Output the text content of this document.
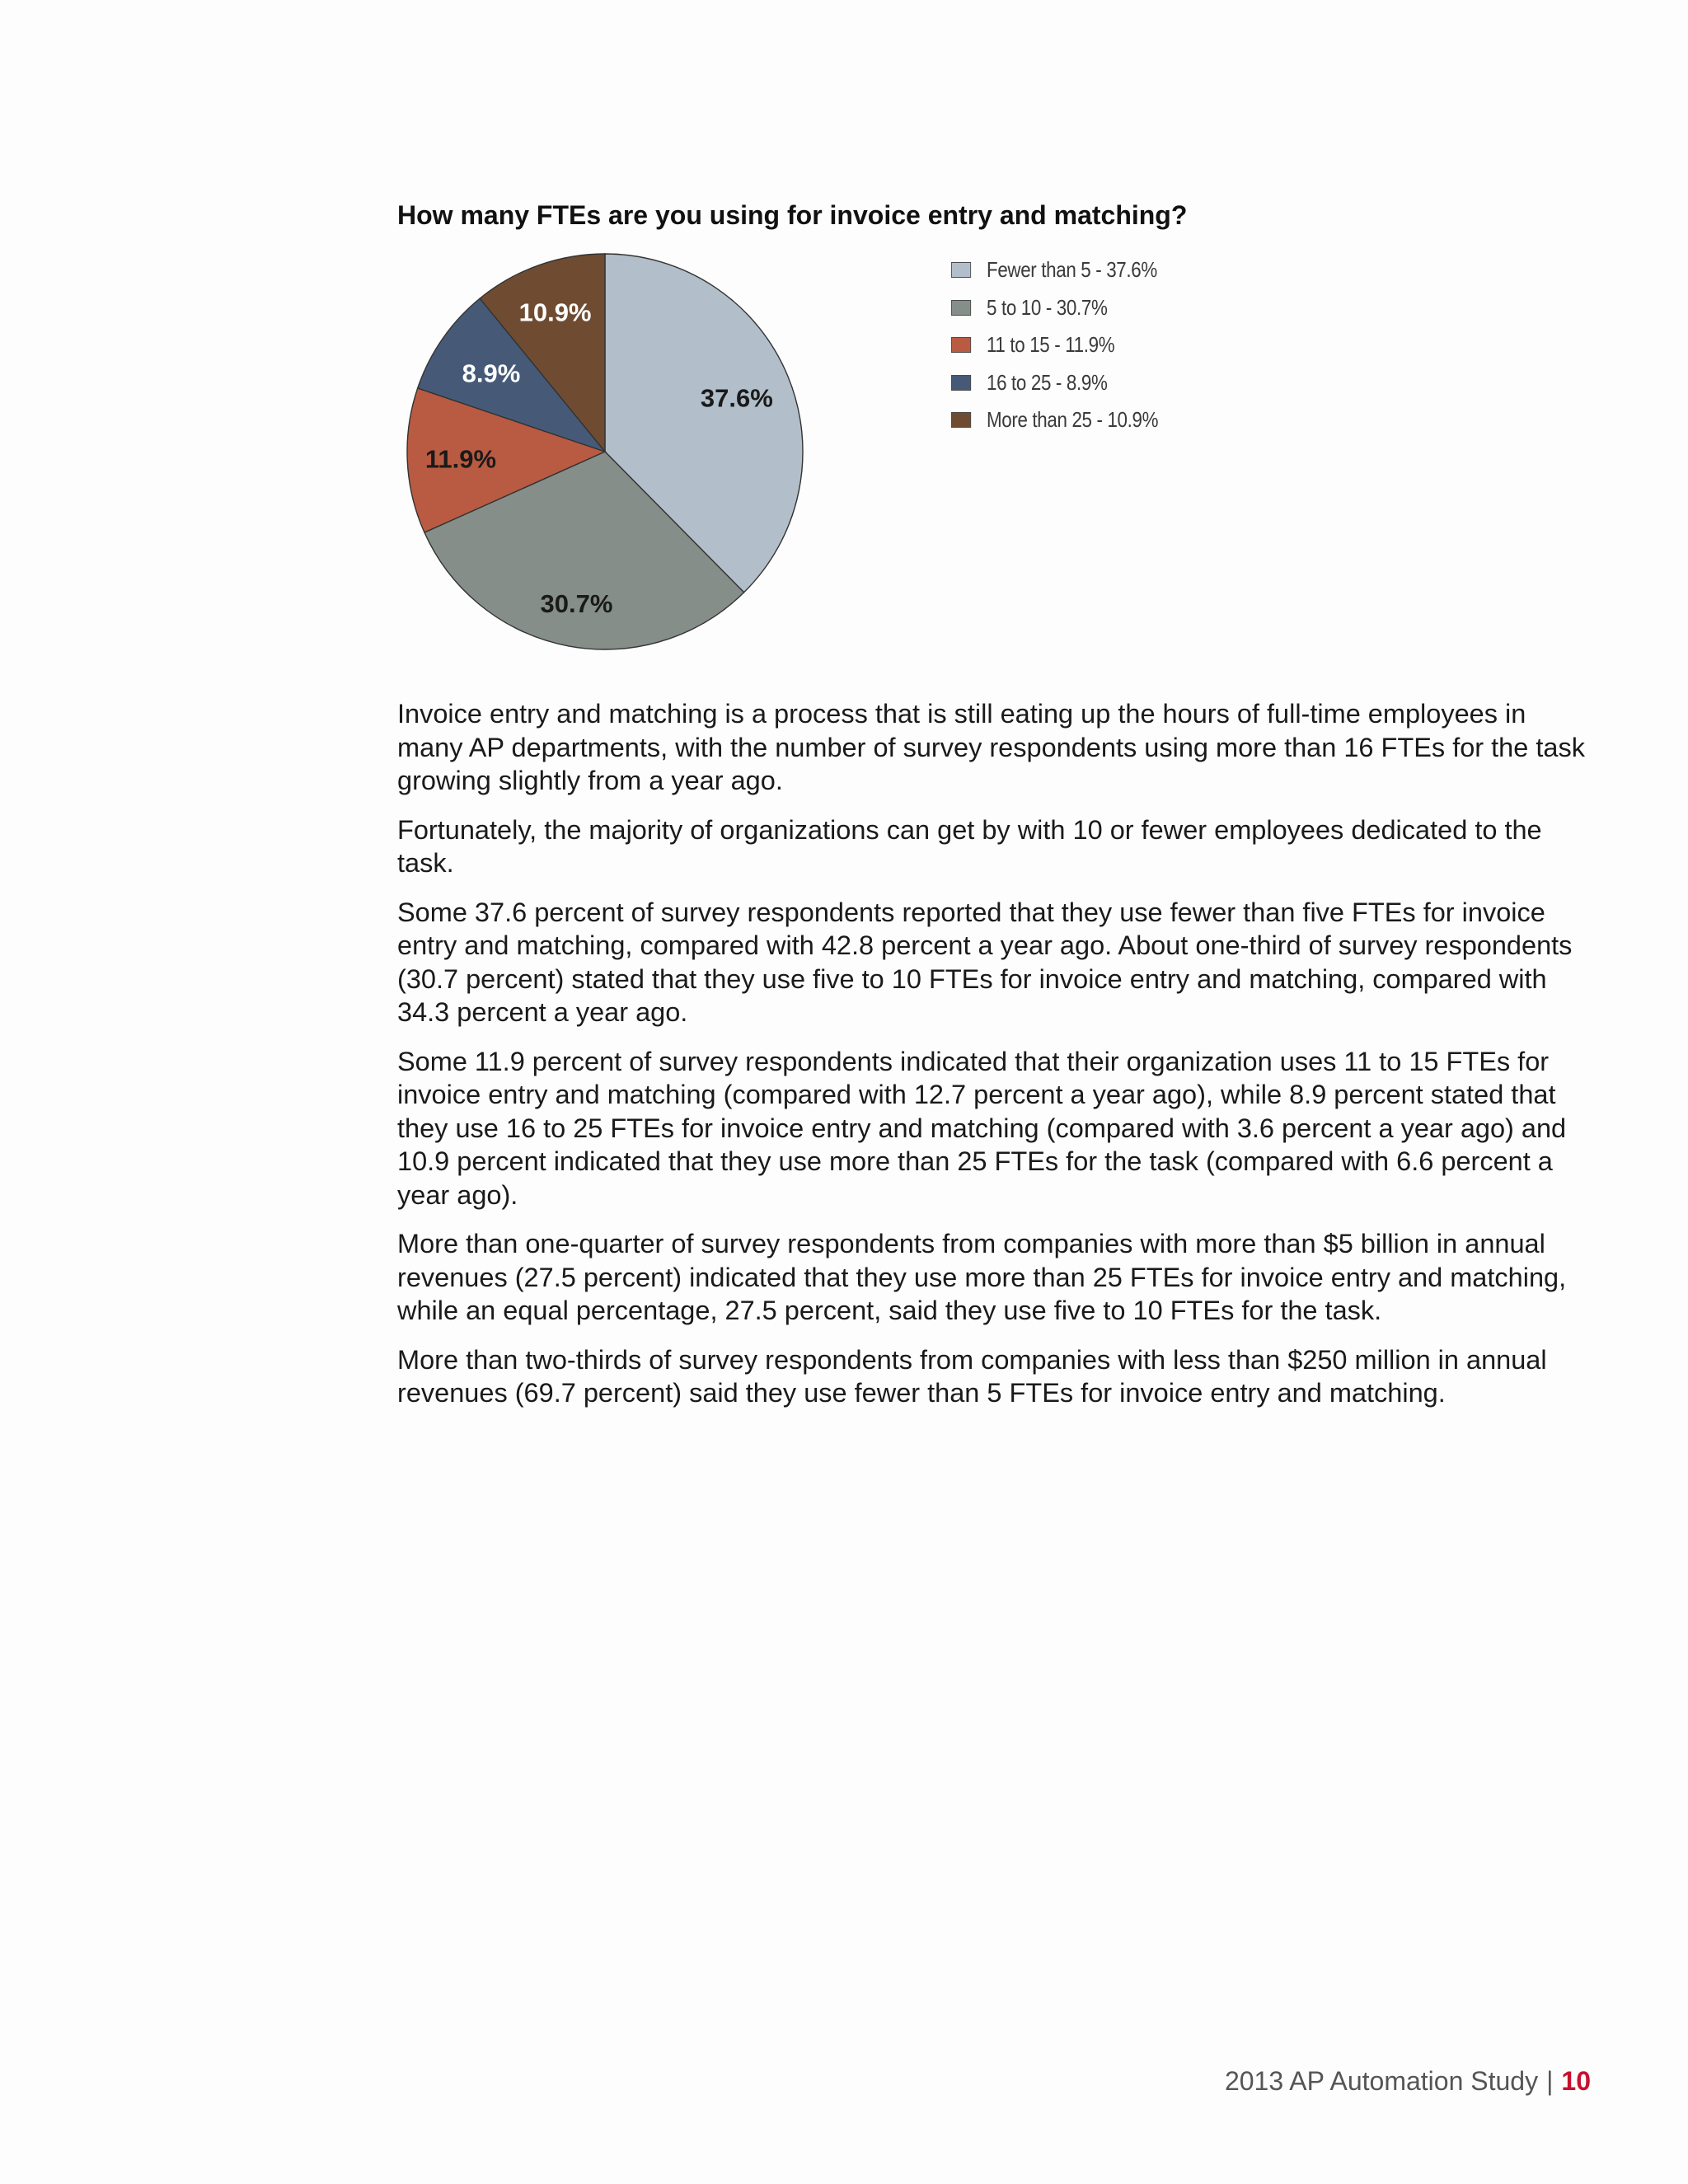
How many FTEs are you using for invoice entry and matching?
37.6%
30.7%
11.9%
8.9%
10.9%
Fewer than 5 - 37.6%
5 to 10 - 30.7%
11 to 15 - 11.9%
16 to 25 - 8.9%
More than 25 - 10.9%

Invoice entry and matching is a process that is still eating up the hours of full-time employees in many AP departments, with the number of survey respondents using more than 16 FTEs for the task growing slightly from a year ago.

Fortunately, the majority of organizations can get by with 10 or fewer employees dedicated to the task.

Some 37.6 percent of survey respondents reported that they use fewer than five FTEs for invoice entry and matching, compared with 42.8 percent a year ago. About one-third of survey respondents (30.7 percent) stated that they use five to 10 FTEs for invoice entry and matching, compared with 34.3 percent a year ago.

Some 11.9 percent of survey respondents indicated that their organization uses 11 to 15 FTEs for invoice entry and matching (compared with 12.7 percent a year ago), while 8.9 percent stated that they use 16 to 25 FTEs for invoice entry and matching (compared with 3.6 percent a year ago) and 10.9 percent indicated that they use more than 25 FTEs for the task (compared with 6.6 percent a year ago).

More than one-quarter of survey respondents from companies with more than $5 billion in annual revenues (27.5 percent) indicated that they use more than 25 FTEs for invoice entry and matching, while an equal percentage, 27.5 percent, said they use five to 10 FTEs for the task.

More than two-thirds of survey respondents from companies with less than $250 million in annual revenues (69.7 percent) said they use fewer than 5 FTEs for invoice entry and matching.

2013 AP Automation Study | 10
